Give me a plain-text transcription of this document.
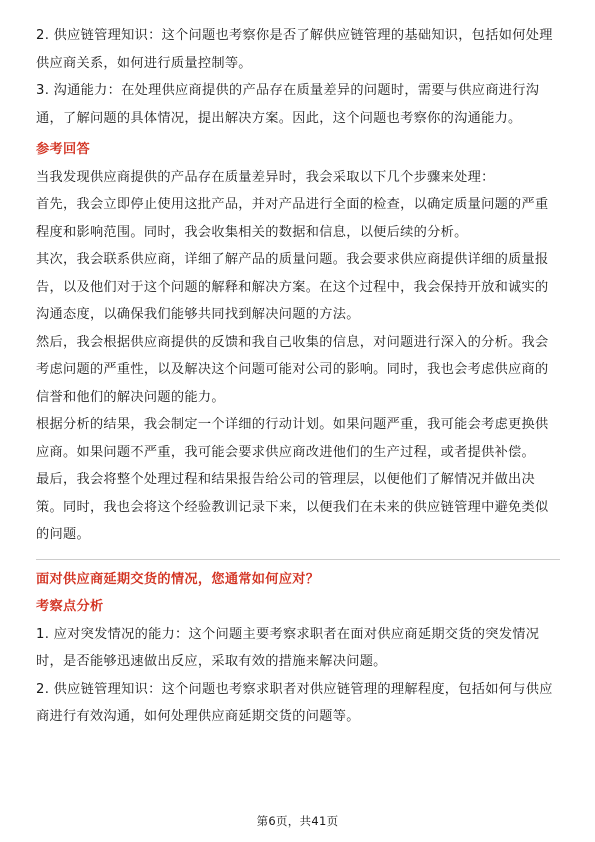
2. 供应链管理知识：这个问题也考察你是否了解供应链管理的基础知识，包括如何处理供应商关系，如何进行质量控制等。

3. 沟通能力：在处理供应商提供的产品存在质量差异的问题时，需要与供应商进行沟通，了解问题的具体情况，提出解决方案。因此，这个问题也考察你的沟通能力。

参考回答

当我发现供应商提供的产品存在质量差异时，我会采取以下几个步骤来处理：

首先，我会立即停止使用这批产品，并对产品进行全面的检查，以确定质量问题的严重程度和影响范围。同时，我会收集相关的数据和信息，以便后续的分析。

其次，我会联系供应商，详细了解产品的质量问题。我会要求供应商提供详细的质量报告，以及他们对于这个问题的解释和解决方案。在这个过程中，我会保持开放和诚实的沟通态度，以确保我们能够共同找到解决问题的方法。

然后，我会根据供应商提供的反馈和我自己收集的信息，对问题进行深入的分析。我会考虑问题的严重性，以及解决这个问题可能对公司的影响。同时，我也会考虑供应商的信誉和他们的解决问题的能力。

根据分析的结果，我会制定一个详细的行动计划。如果问题严重，我可能会考虑更换供应商。如果问题不严重，我可能会要求供应商改进他们的生产过程，或者提供补偿。

最后，我会将整个处理过程和结果报告给公司的管理层，以便他们了解情况并做出决策。同时，我也会将这个经验教训记录下来，以便我们在未来的供应链管理中避免类似的问题。

面对供应商延期交货的情况，您通常如何应对？

考察点分析

1. 应对突发情况的能力：这个问题主要考察求职者在面对供应商延期交货的突发情况时，是否能够迅速做出反应，采取有效的措施来解决问题。

2. 供应链管理知识：这个问题也考察求职者对供应链管理的理解程度，包括如何与供应商进行有效沟通，如何处理供应商延期交货的问题等。

第6页，共41页
